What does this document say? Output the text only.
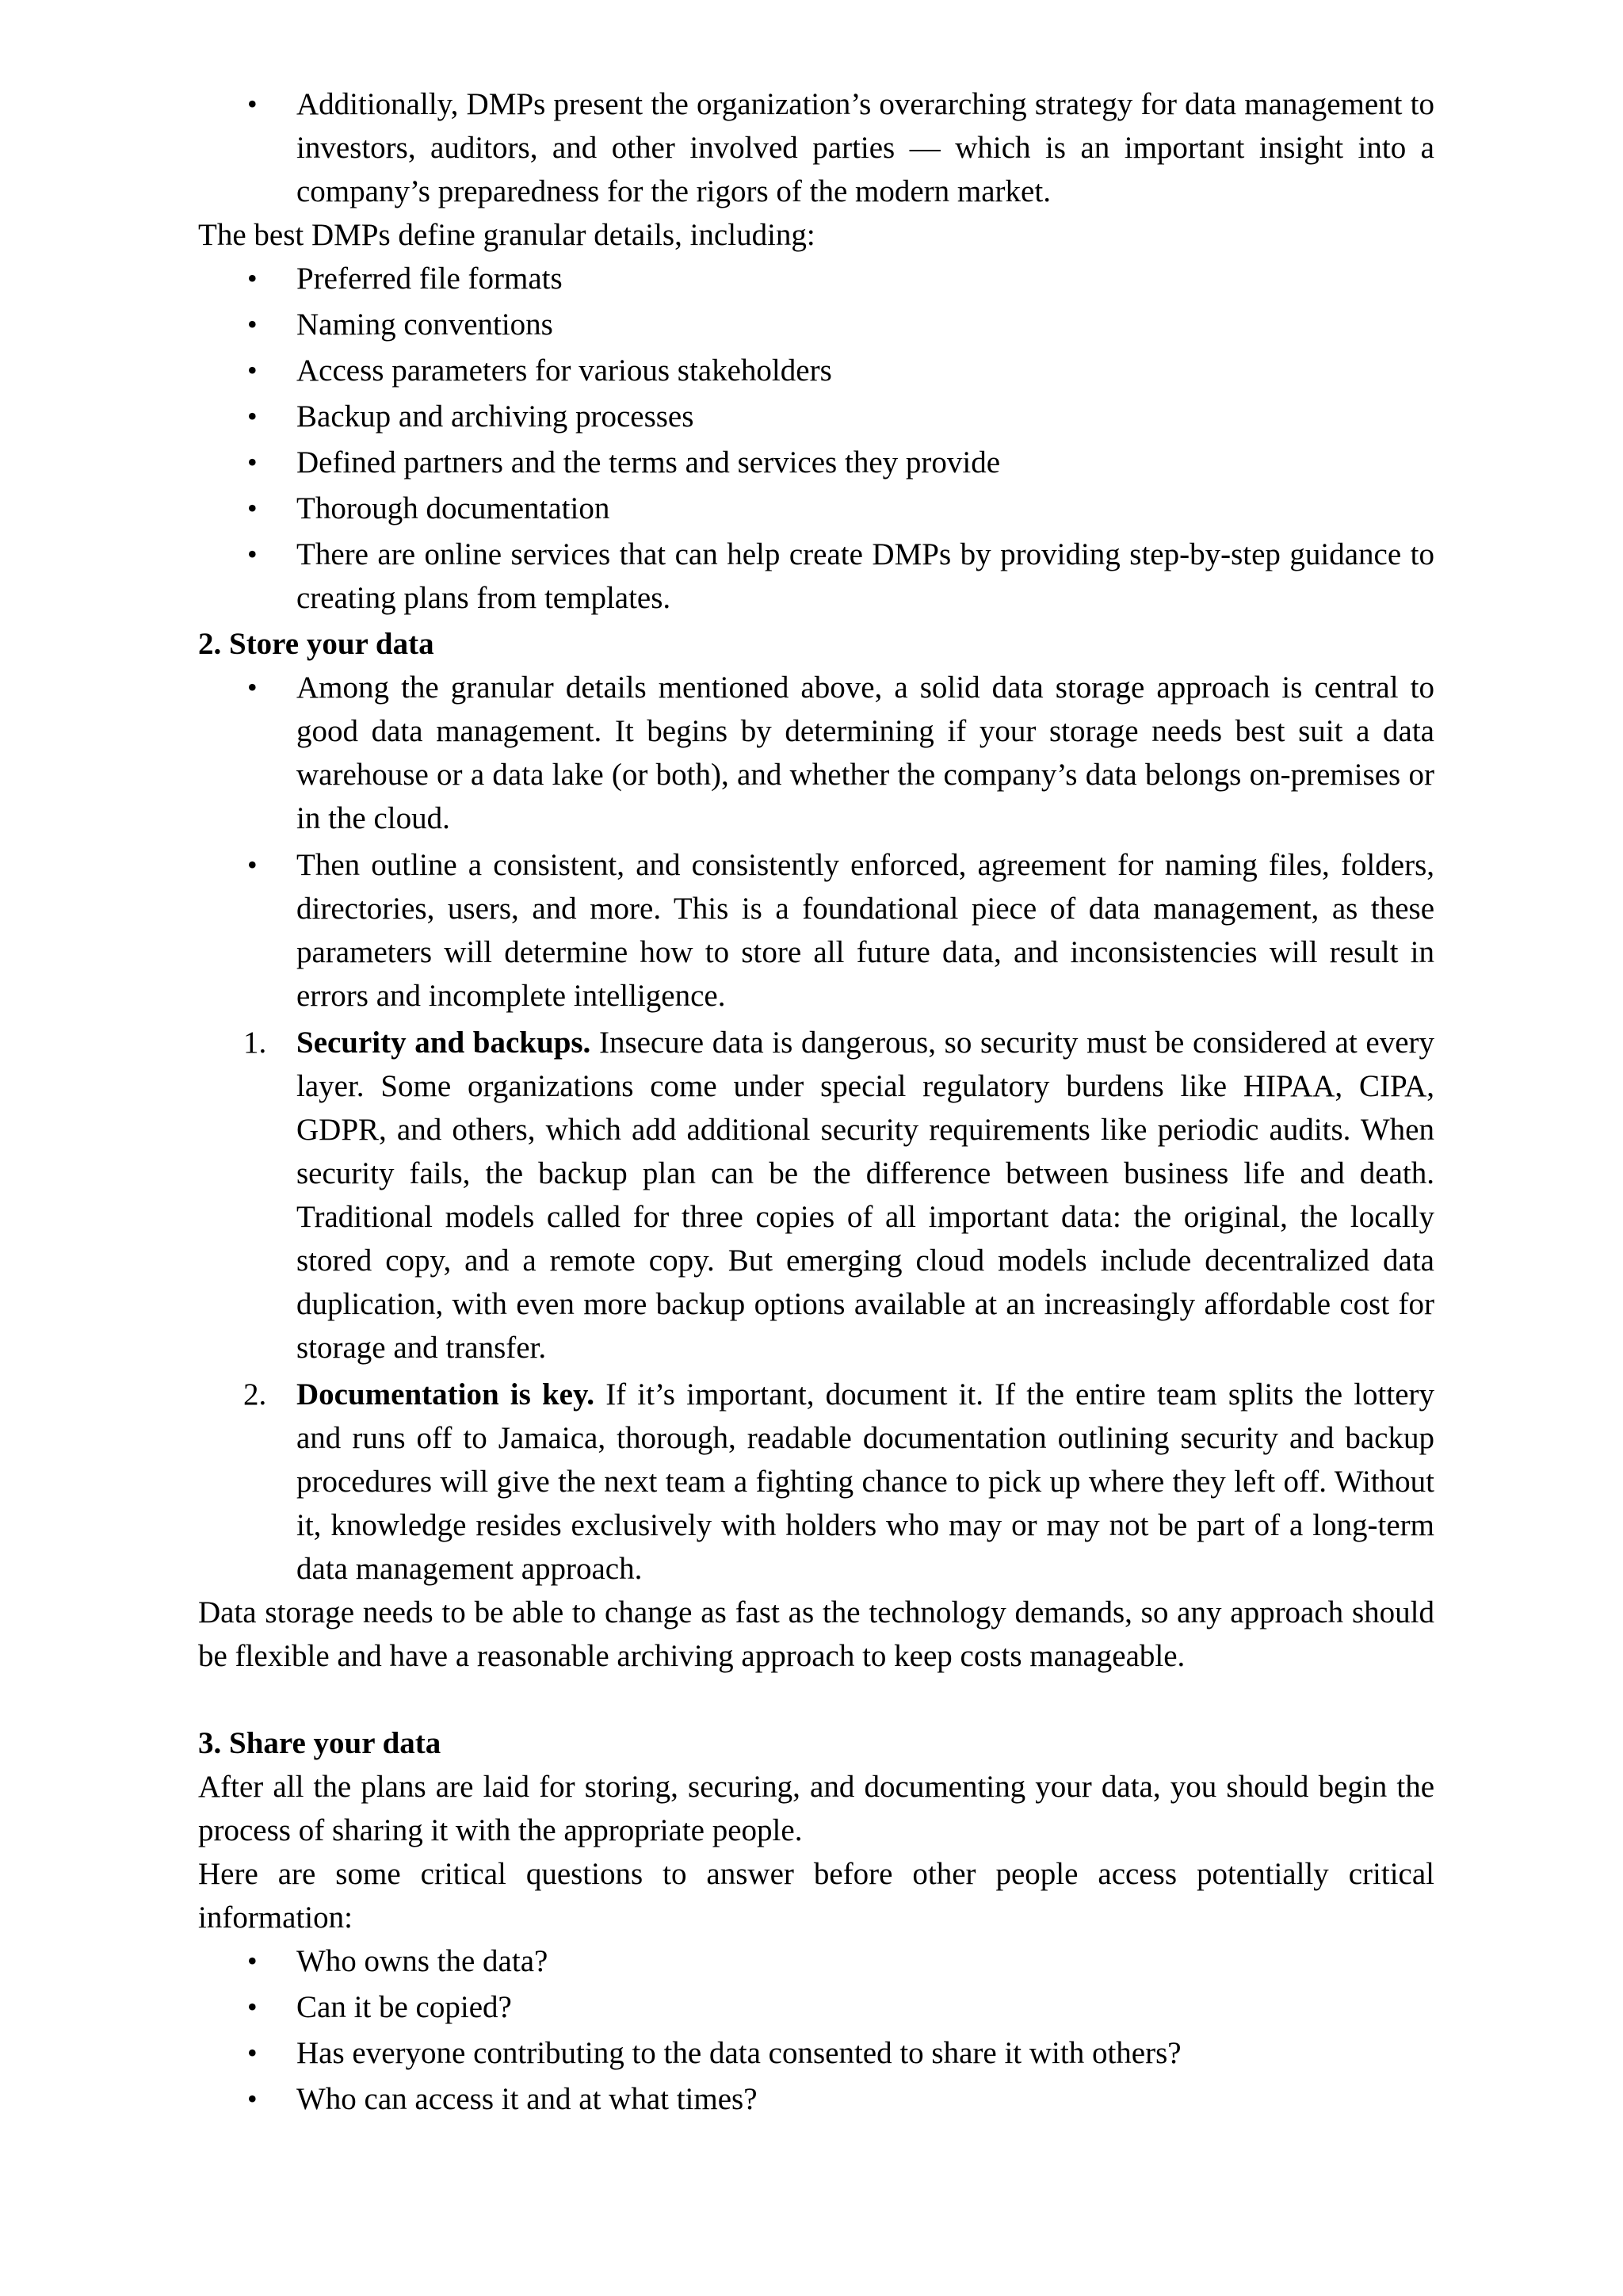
• Additionally, DMPs present the organization’s overarching strategy for data management to investors, auditors, and other involved parties — which is an important insight into a company’s preparedness for the rigors of the modern market.

The best DMPs define granular details, including:

• Preferred file formats
• Naming conventions
• Access parameters for various stakeholders
• Backup and archiving processes
• Defined partners and the terms and services they provide
• Thorough documentation
• There are online services that can help create DMPs by providing step-by-step guidance to creating plans from templates.

2. Store your data

• Among the granular details mentioned above, a solid data storage approach is central to good data management. It begins by determining if your storage needs best suit a data warehouse or a data lake (or both), and whether the company’s data belongs on-premises or in the cloud.
• Then outline a consistent, and consistently enforced, agreement for naming files, folders, directories, users, and more. This is a foundational piece of data management, as these parameters will determine how to store all future data, and inconsistencies will result in errors and incomplete intelligence.
1. Security and backups. Insecure data is dangerous, so security must be considered at every layer. Some organizations come under special regulatory burdens like HIPAA, CIPA, GDPR, and others, which add additional security requirements like periodic audits. When security fails, the backup plan can be the difference between business life and death. Traditional models called for three copies of all important data: the original, the locally stored copy, and a remote copy. But emerging cloud models include decentralized data duplication, with even more backup options available at an increasingly affordable cost for storage and transfer.
2. Documentation is key. If it’s important, document it. If the entire team splits the lottery and runs off to Jamaica, thorough, readable documentation outlining security and backup procedures will give the next team a fighting chance to pick up where they left off. Without it, knowledge resides exclusively with holders who may or may not be part of a long-term data management approach.

Data storage needs to be able to change as fast as the technology demands, so any approach should be flexible and have a reasonable archiving approach to keep costs manageable.

3. Share your data

After all the plans are laid for storing, securing, and documenting your data, you should begin the process of sharing it with the appropriate people.

Here are some critical questions to answer before other people access potentially critical information:

• Who owns the data?
• Can it be copied?
• Has everyone contributing to the data consented to share it with others?
• Who can access it and at what times?
